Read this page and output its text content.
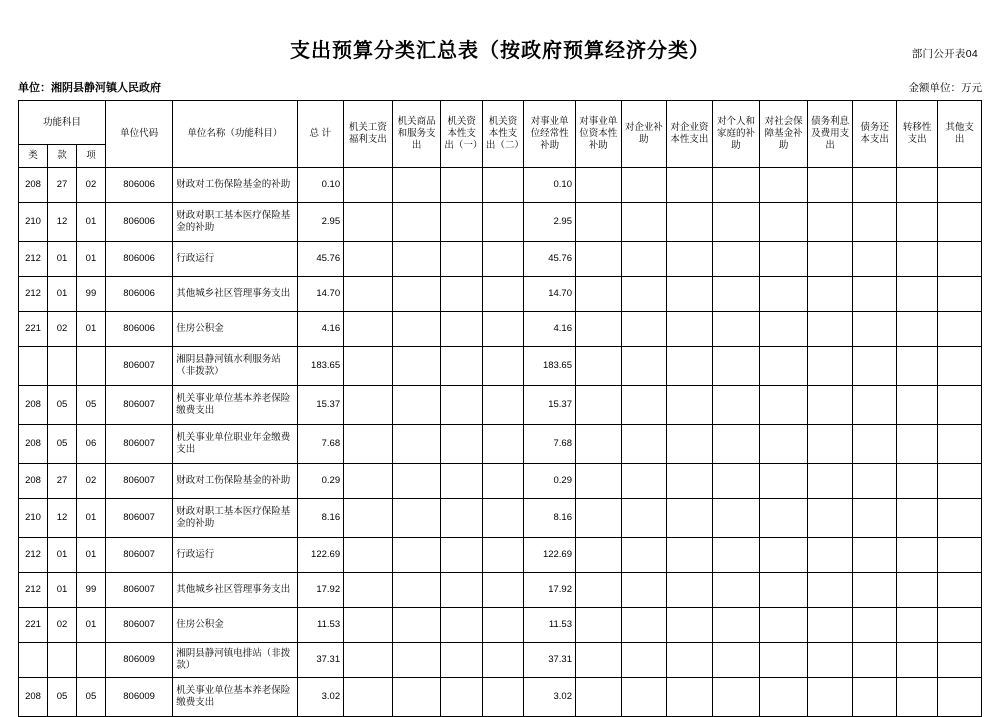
部门公开表04
支出预算分类汇总表（按政府预算经济分类）
单位：湘阴县静河镇人民政府	金额单位：万元
功能科目			单位代码	单位名称（功能科目）	总 计	机关工资福利支出	机关商品和服务支出	机关资本性支出（一）	机关资本性支出（二）	对事业单位经常性补助	对事业单位资本性补助	对企业补助	对企业资本性支出	对个人和家庭的补助	对社会保障基金补助	债务利息及费用支出	债务还本支出	转移性支出	其他支出
类	款	项																	
208	27	02	806006	财政对工伤保险基金的补助	0.10					0.10									
210	12	01	806006	财政对职工基本医疗保险基金的补助	2.95					2.95									
212	01	01	806006	行政运行	45.76					45.76									
212	01	99	806006	其他城乡社区管理事务支出	14.70					14.70									
221	02	01	806006	住房公积金	4.16					4.16									
			806007	湘阴县静河镇水利服务站（非拨款）	183.65					183.65									
208	05	05	806007	机关事业单位基本养老保险缴费支出	15.37					15.37									
208	05	06	806007	机关事业单位职业年金缴费支出	7.68					7.68									
208	27	02	806007	财政对工伤保险基金的补助	0.29					0.29									
210	12	01	806007	财政对职工基本医疗保险基金的补助	8.16					8.16									
212	01	01	806007	行政运行	122.69					122.69									
212	01	99	806007	其他城乡社区管理事务支出	17.92					17.92									
221	02	01	806007	住房公积金	11.53					11.53									
			806009	湘阴县静河镇电排站（非拨款）	37.31					37.31									
208	05	05	806009	机关事业单位基本养老保险缴费支出	3.02					3.02									
